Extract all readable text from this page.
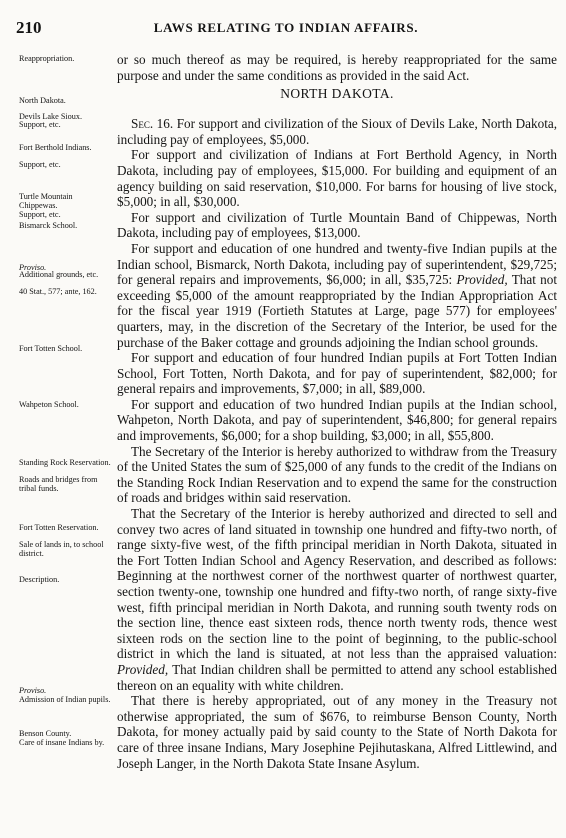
210	LAWS RELATING TO INDIAN AFFAIRS.
Reappropriation.
North Dakota.
Devils Lake Sioux.
Support, etc.
Fort Berthold Indians.
Support, etc.
Turtle Mountain Chippewas.
Support, etc.
Bismarck School.
Proviso.
Additional grounds, etc.
40 Stat., 577; ante, 162.
Fort Totten School.
Wahpeton School.
Standing Rock Reservation.
Roads and bridges from tribal funds.
Fort Totten Reservation.
Sale of lands in, to school district.
Description.
Proviso.
Admission of Indian pupils.
Benson County.
Care of insane Indians by.

or so much thereof as may be required, is hereby reappropriated for the same purpose and under the same conditions as provided in the said Act.

NORTH DAKOTA.

Sec. 16. For support and civilization of the Sioux of Devils Lake, North Dakota, including pay of employees, $5,000.

For support and civilization of Indians at Fort Berthold Agency, in North Dakota, including pay of employees, $15,000. For building and equipment of an agency building on said reservation, $10,000. For barns for housing of live stock, $5,000; in all, $30,000.

For support and civilization of Turtle Mountain Band of Chippewas, North Dakota, including pay of employees, $13,000.

For support and education of one hundred and twenty-five Indian pupils at the Indian school, Bismarck, North Dakota, including pay of superintendent, $29,725; for general repairs and improvements, $6,000; in all, $35,725: Provided, That not exceeding $5,000 of the amount reappropriated by the Indian Appropriation Act for the fiscal year 1919 (Fortieth Statutes at Large, page 577) for employees' quarters, may, in the discretion of the Secretary of the Interior, be used for the purchase of the Baker cottage and grounds adjoining the Indian school grounds.

For support and education of four hundred Indian pupils at Fort Totten Indian School, Fort Totten, North Dakota, and for pay of superintendent, $82,000; for general repairs and improvements, $7,000; in all, $89,000.

For support and education of two hundred Indian pupils at the Indian school, Wahpeton, North Dakota, and pay of superintendent, $46,800; for general repairs and improvements, $6,000; for a shop building, $3,000; in all, $55,800.

The Secretary of the Interior is hereby authorized to withdraw from the Treasury of the United States the sum of $25,000 of any funds to the credit of the Indians on the Standing Rock Indian Reservation and to expend the same for the construction of roads and bridges within said reservation.

That the Secretary of the Interior is hereby authorized and directed to sell and convey two acres of land situated in township one hundred and fifty-two north, of range sixty-five west, of the fifth principal meridian in North Dakota, situated in the Fort Totten Indian School and Agency Reservation, and described as follows: Beginning at the northwest corner of the northwest quarter of northwest quarter, section twenty-one, township one hundred and fifty-two north, of range sixty-five west, fifth principal meridian in North Dakota, and running south twenty rods on the section line, thence east sixteen rods, thence north twenty rods, thence west sixteen rods on the section line to the point of beginning, to the public-school district in which the land is situated, at not less than the appraised valuation: Provided, That Indian children shall be permitted to attend any school established thereon on an equality with white children.

That there is hereby appropriated, out of any money in the Treasury not otherwise appropriated, the sum of $676, to reimburse Benson County, North Dakota, for money actually paid by said county to the State of North Dakota for care of three insane Indians, Mary Josephine Pejihutaskana, Alfred Littlewind, and Joseph Langer, in the North Dakota State Insane Asylum.
